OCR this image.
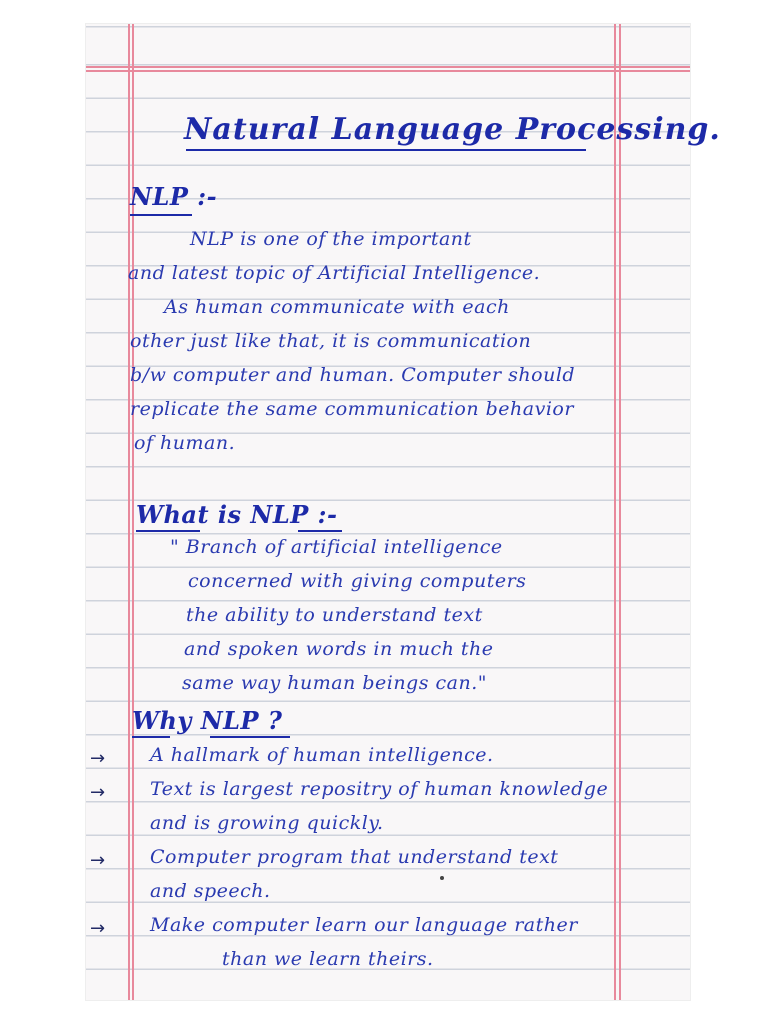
Natural Language Processing.
NLP :-
NLP is one of the important
and latest topic of Artificial Intelligence.
As human communicate with each
other just like that, it is communication
b/w computer and human. Computer should
replicate the same communication behavior
of human.
What is NLP :-
" Branch of artificial intelligence
concerned with giving computers
the ability to understand text
and spoken words in much the
same way human beings can."
Why NLP ?
→ A hallmark of human intelligence.
→ Text is largest repositry of human knowledge
and is growing quickly.
→ Computer program that understand text
and speech.
→ Make computer learn our language rather
than we learn theirs.
